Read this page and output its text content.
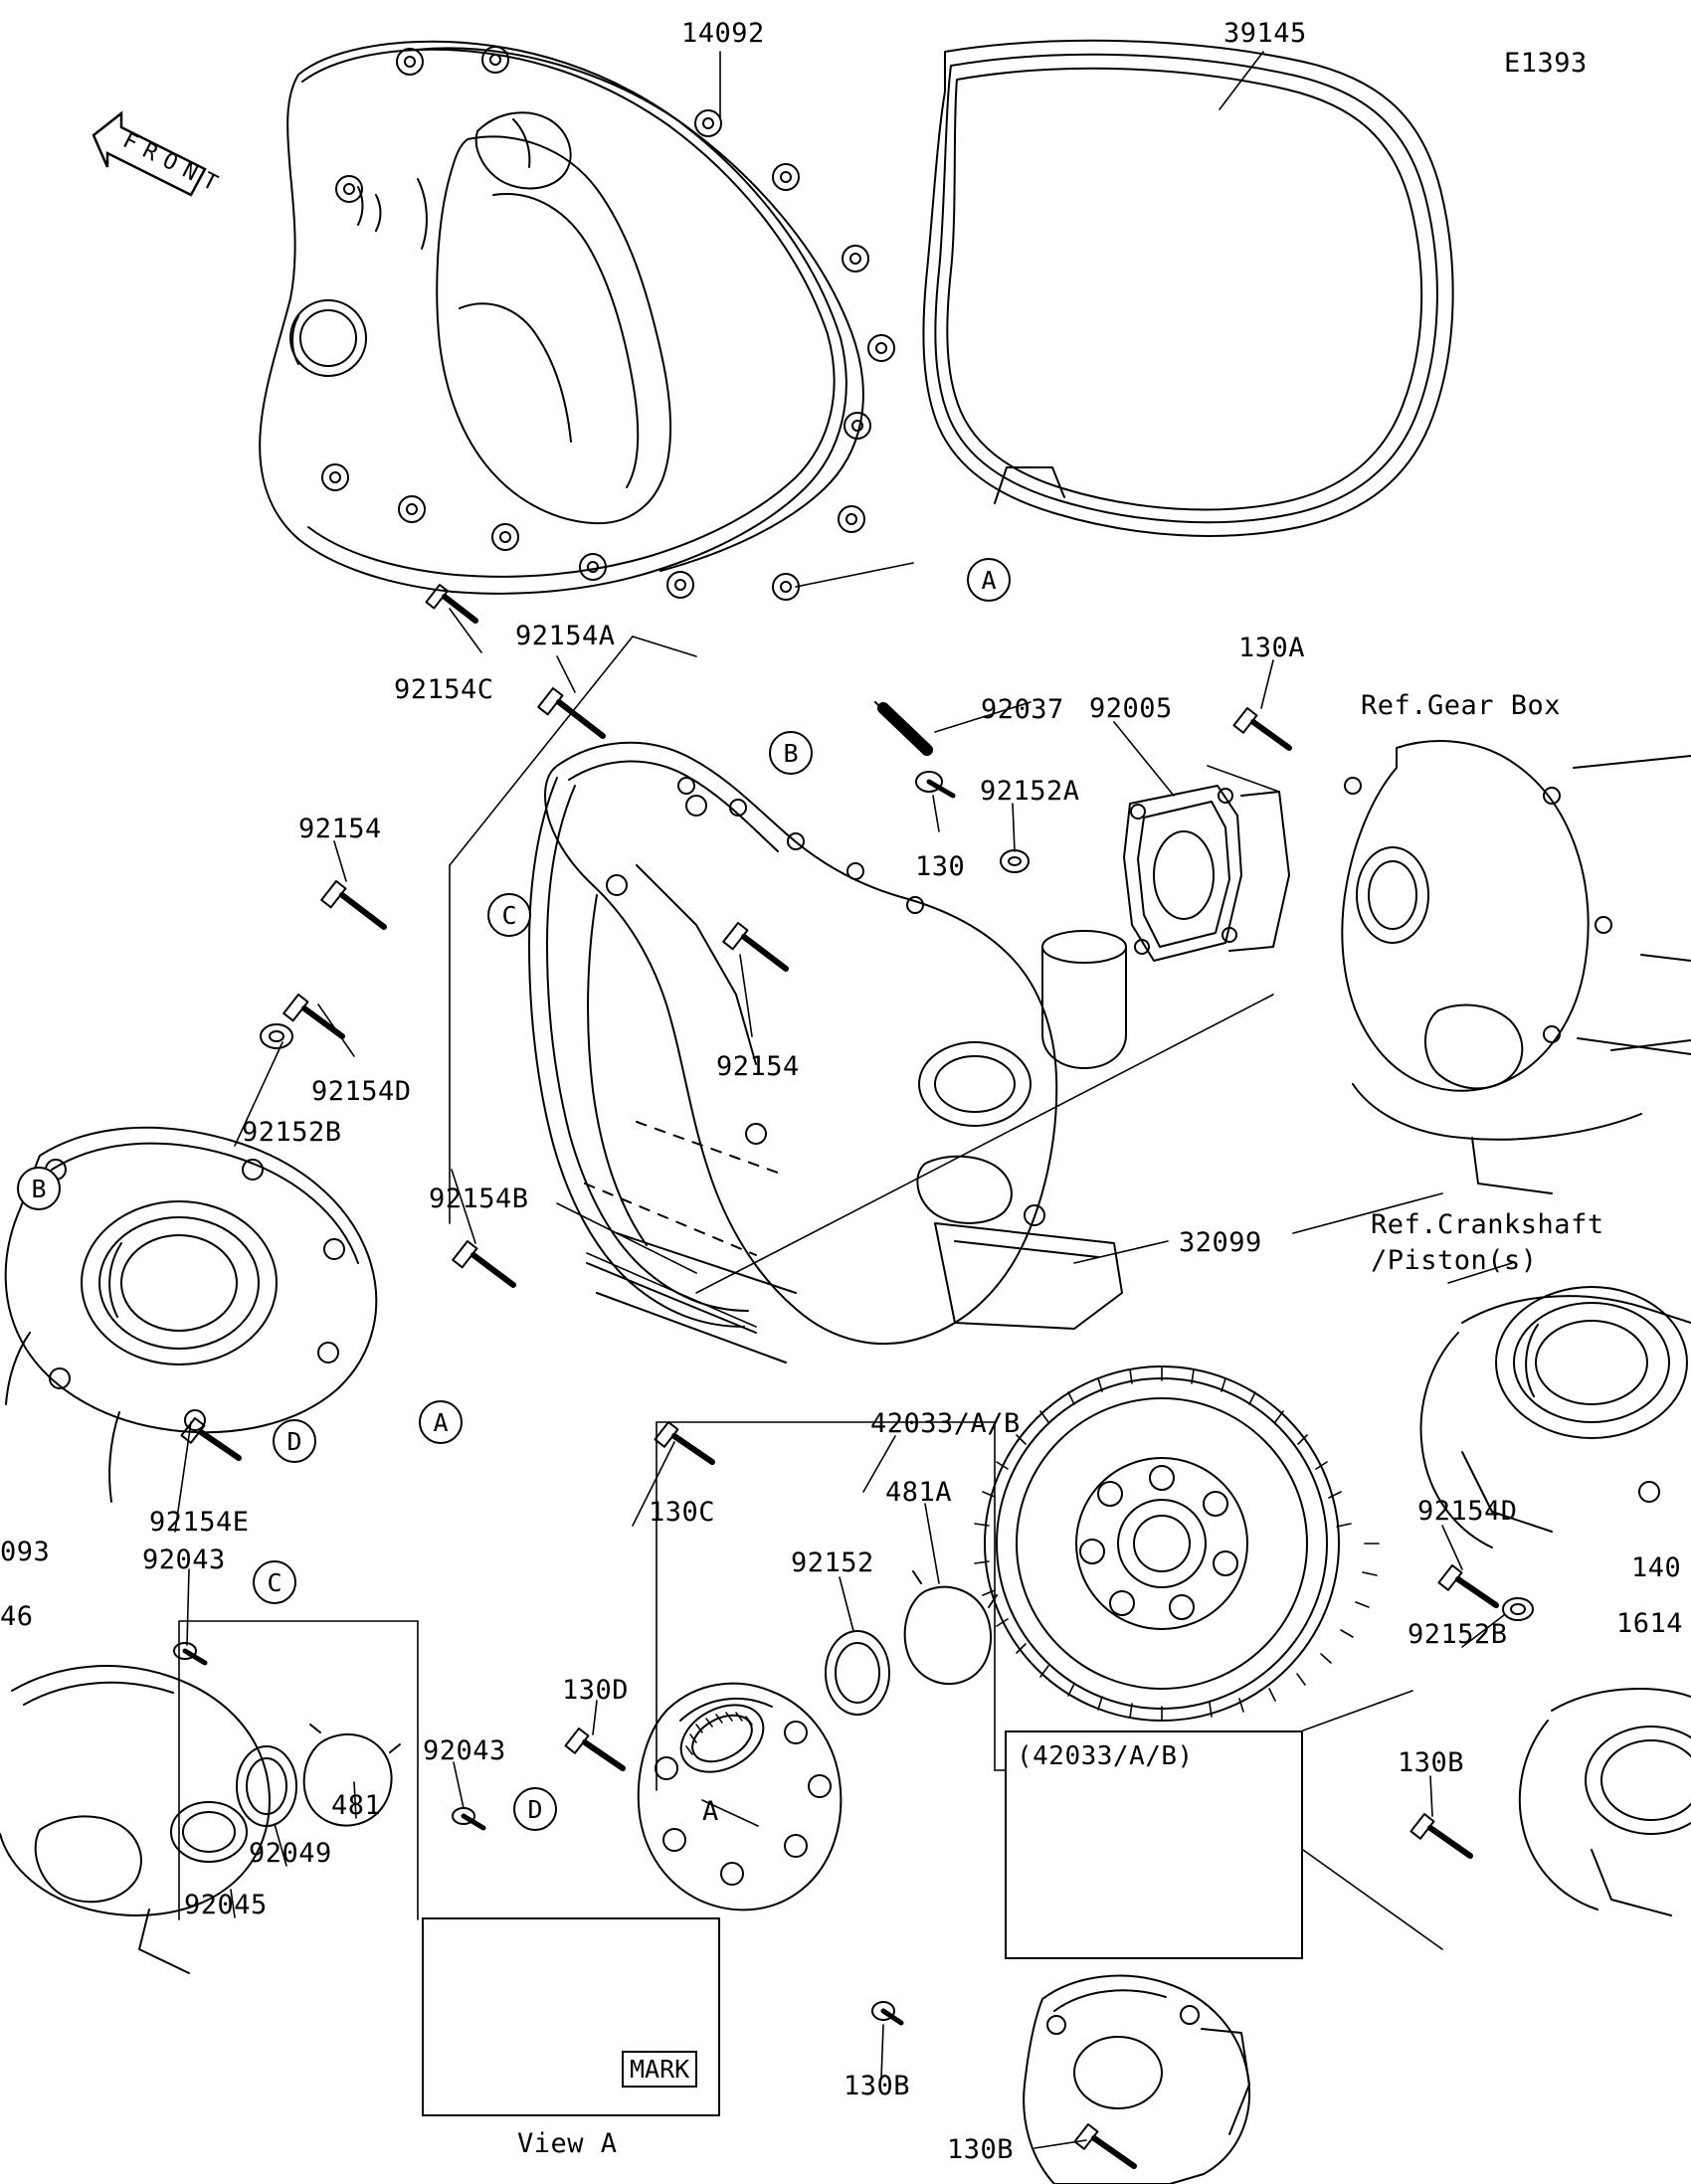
F
R
O
N
T
E1393
14092	39145
92154A
92154C
92037
130A
92005
92152A
130
92154
92154
92154D
92152B
92154B
32099
42033/A/B
481A
92152
92154E
92043
093
46
130C
130D
92043
481
92049
92045
92154D
92152B
140
1614
130B
130B
130B
Ref.Gear Box
Ref.Crankshaft
/Piston(s)
A
B
C
B
A
D
C
D	A
MARK
View A
(42033/A/B)
